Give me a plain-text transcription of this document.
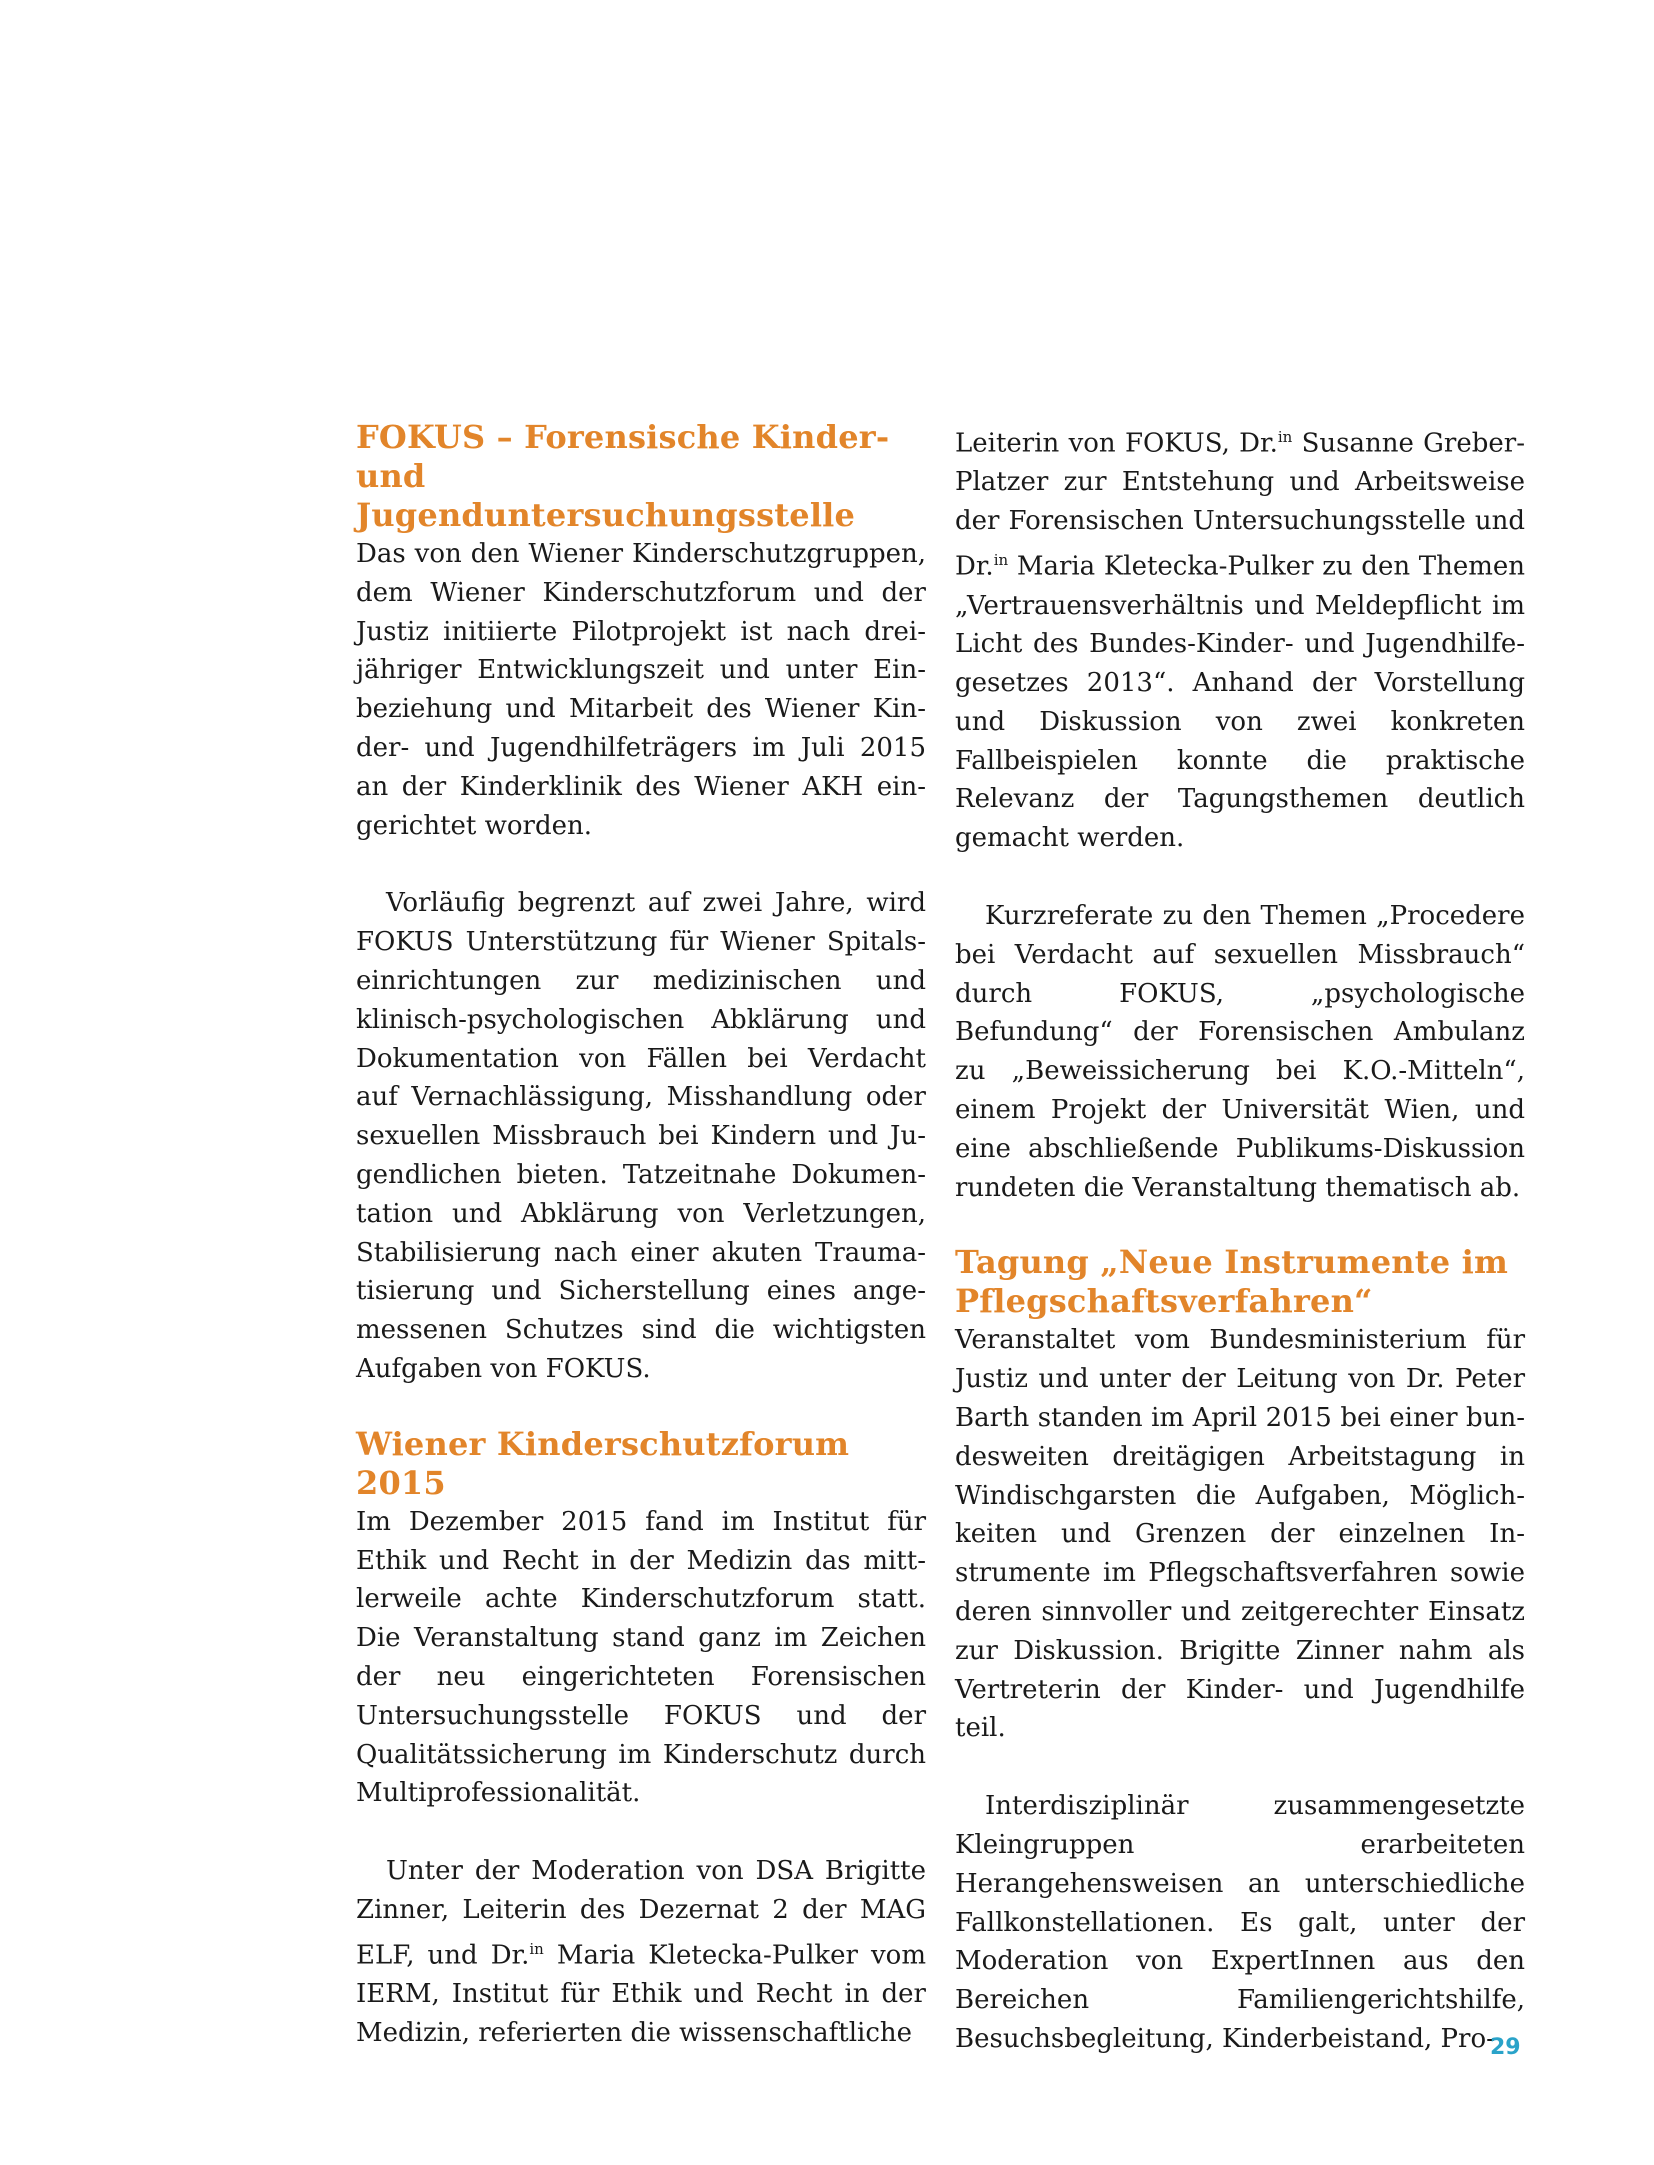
FOKUS – Forensische Kinder- und Jugenduntersuchungsstelle

Das von den Wiener Kinderschutzgruppen, dem Wiener Kinderschutzforum und der Justiz initiierte Pilotprojekt ist nach dreijähriger Entwicklungszeit und unter Einbeziehung und Mitarbeit des Wiener Kinder- und Jugendhilfeträgers im Juli 2015 an der Kinderklinik des Wiener AKH eingerichtet worden.

Vorläufig begrenzt auf zwei Jahre, wird FOKUS Unterstützung für Wiener Spitalseinrichtungen zur medizinischen und klinisch-psychologischen Abklärung und Dokumentation von Fällen bei Verdacht auf Vernachlässigung, Misshandlung oder sexuellen Missbrauch bei Kindern und Jugendlichen bieten. Tatzeitnahe Dokumentation und Abklärung von Verletzungen, Stabilisierung nach einer akuten Traumatisierung und Sicherstellung eines angemessenen Schutzes sind die wichtigsten Aufgaben von FOKUS.

Wiener Kinderschutzforum 2015

Im Dezember 2015 fand im Institut für Ethik und Recht in der Medizin das mittlerweile achte Kinderschutzforum statt. Die Veranstaltung stand ganz im Zeichen der neu eingerichteten Forensischen Untersuchungsstelle FOKUS und der Qualitätssicherung im Kinderschutz durch Multiprofessionalität.

Unter der Moderation von DSA Brigitte Zinner, Leiterin des Dezernat 2 der MAG ELF, und Dr.$^{in}$ Maria Kletecka-Pulker vom IERM, Institut für Ethik und Recht in der Medizin, referierten die wissenschaftliche

Leiterin von FOKUS, Dr.$^{in}$ Susanne Greber-Platzer zur Entstehung und Arbeitsweise der Forensischen Untersuchungsstelle und Dr.$^{in}$ Maria Kletecka-Pulker zu den Themen „Vertrauensverhältnis und Meldepflicht im Licht des Bundes-Kinder- und Jugendhilfegesetzes 2013“. Anhand der Vorstellung und Diskussion von zwei konkreten Fallbeispielen konnte die praktische Relevanz der Tagungsthemen deutlich gemacht werden.

Kurzreferate zu den Themen „Procedere bei Verdacht auf sexuellen Missbrauch“ durch FOKUS, „psychologische Befundung“ der Forensischen Ambulanz zu „Beweissicherung bei K.O.-Mitteln“, einem Projekt der Universität Wien, und eine abschließende Publikums-Diskussion rundeten die Veranstaltung thematisch ab.

Tagung „Neue Instrumente im Pflegschaftsverfahren“

Veranstaltet vom Bundesministerium für Justiz und unter der Leitung von Dr. Peter Barth standen im April 2015 bei einer bundesweiten dreitägigen Arbeitstagung in Windischgarsten die Aufgaben, Möglichkeiten und Grenzen der einzelnen Instrumente im Pflegschaftsverfahren sowie deren sinnvoller und zeitgerechter Einsatz zur Diskussion. Brigitte Zinner nahm als Vertreterin der Kinder- und Jugendhilfe teil.

Interdisziplinär zusammengesetzte Kleingruppen erarbeiteten Herangehensweisen an unterschiedliche Fallkonstellationen. Es galt, unter der Moderation von ExpertInnen aus den Bereichen Familiengerichtshilfe, Besuchsbegleitung, Kinderbeistand, Pro-

29
